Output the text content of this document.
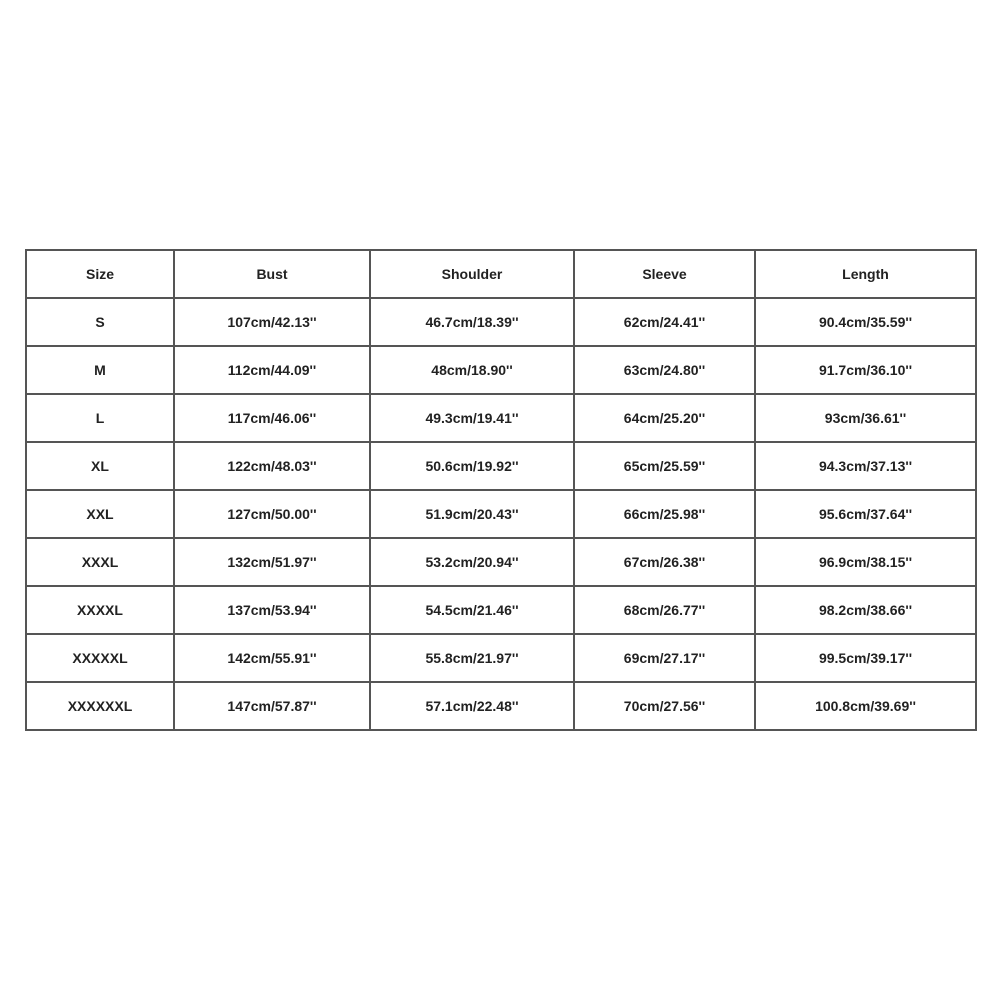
Size	Bust	Shoulder	Sleeve	Length
S	107cm/42.13''	46.7cm/18.39''	62cm/24.41''	90.4cm/35.59''
M	112cm/44.09''	48cm/18.90''	63cm/24.80''	91.7cm/36.10''
L	117cm/46.06''	49.3cm/19.41''	64cm/25.20''	93cm/36.61''
XL	122cm/48.03''	50.6cm/19.92''	65cm/25.59''	94.3cm/37.13''
XXL	127cm/50.00''	51.9cm/20.43''	66cm/25.98''	95.6cm/37.64''
XXXL	132cm/51.97''	53.2cm/20.94''	67cm/26.38''	96.9cm/38.15''
XXXXL	137cm/53.94''	54.5cm/21.46''	68cm/26.77''	98.2cm/38.66''
XXXXXL	142cm/55.91''	55.8cm/21.97''	69cm/27.17''	99.5cm/39.17''
XXXXXXL	147cm/57.87''	57.1cm/22.48''	70cm/27.56''	100.8cm/39.69''
